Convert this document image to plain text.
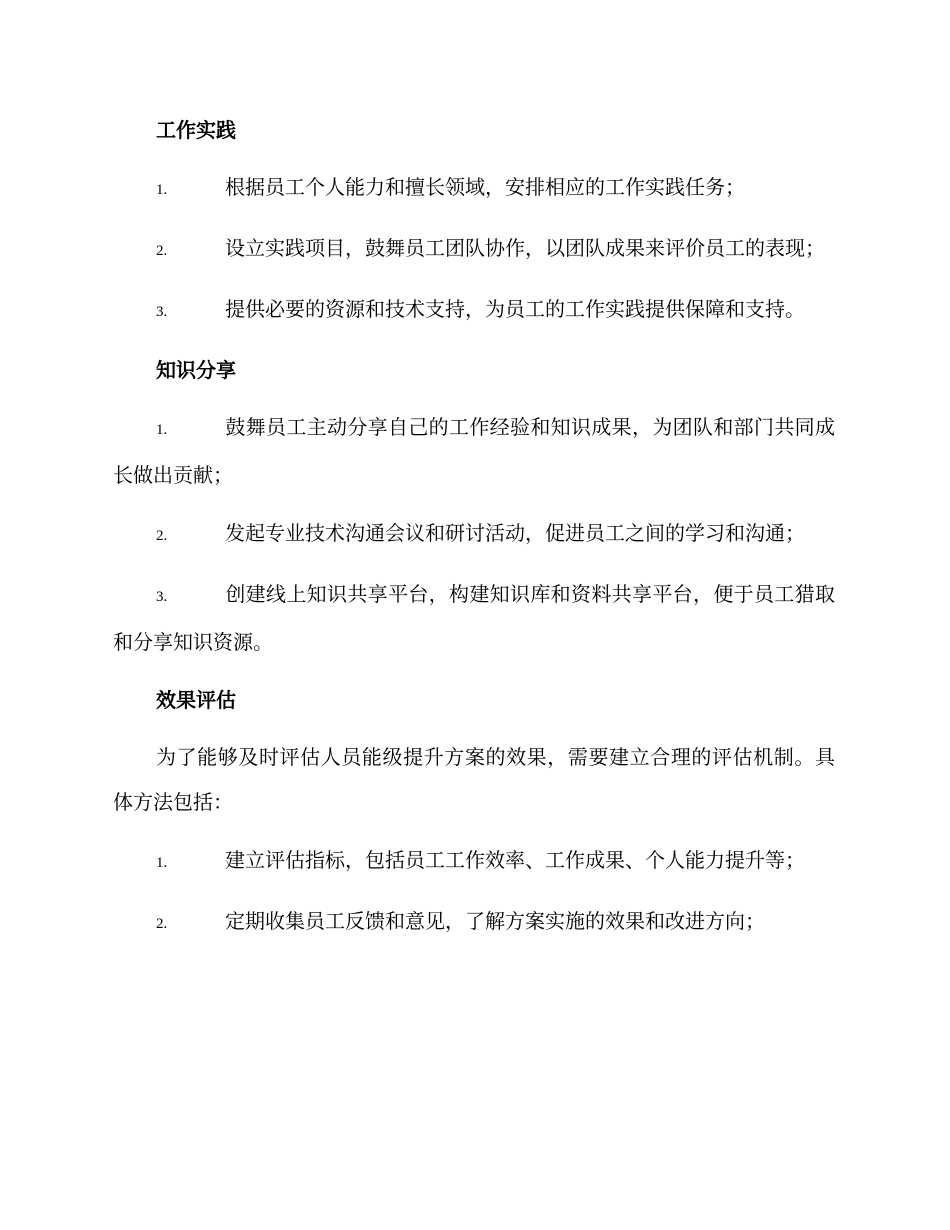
工作实践
1.	根据员工个人能力和擅长领域，安排相应的工作实践任务；
2.	设立实践项目，鼓舞员工团队协作，以团队成果来评价员工的表现；
3.	提供必要的资源和技术支持，为员工的工作实践提供保障和支持。
知识分享
1.	鼓舞员工主动分享自己的工作经验和知识成果，为团队和部门共同成长做出贡献；
2.	发起专业技术沟通会议和研讨活动，促进员工之间的学习和沟通；
3.	创建线上知识共享平台，构建知识库和资料共享平台，便于员工猎取和分享知识资源。
效果评估
为了能够及时评估人员能级提升方案的效果，需要建立合理的评估机制。具体方法包括：
1.	建立评估指标，包括员工工作效率、工作成果、个人能力提升等；
2.	定期收集员工反馈和意见，了解方案实施的效果和改进方向；
